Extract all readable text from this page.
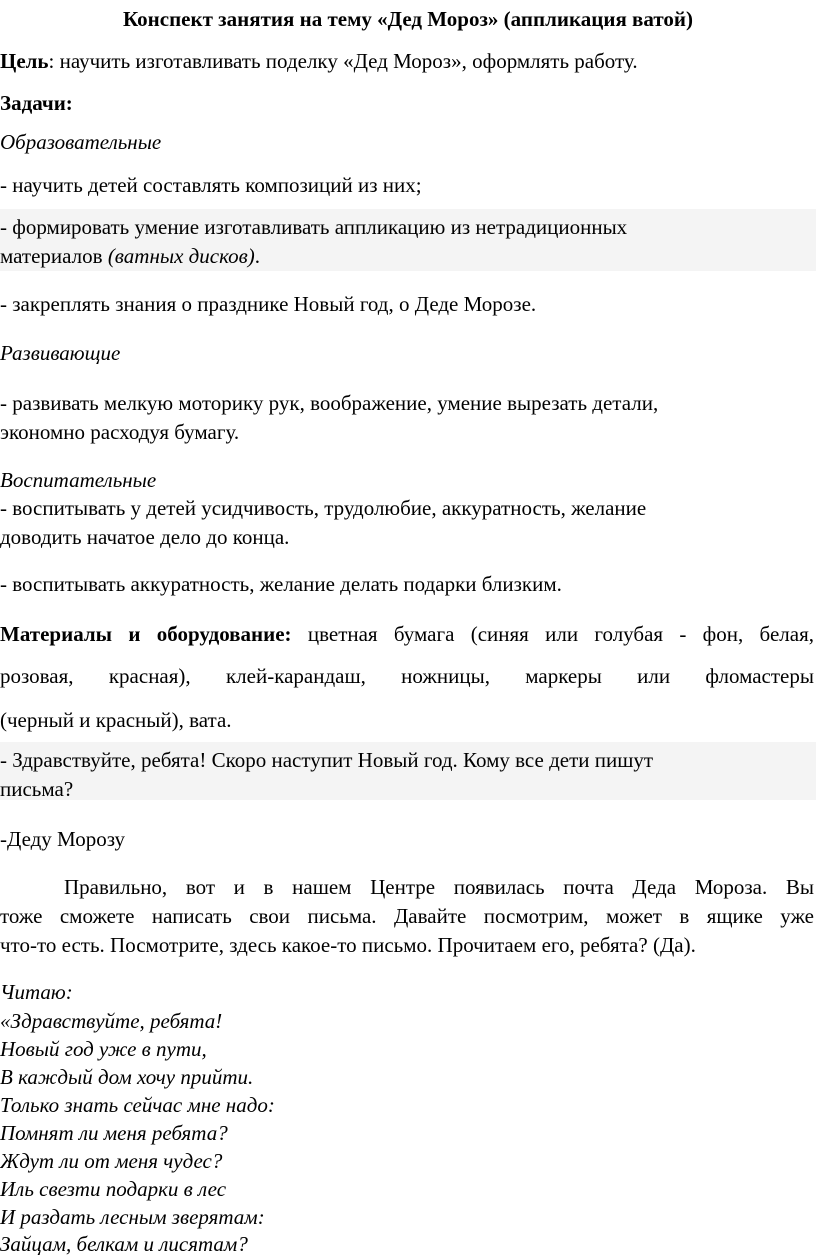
Конспект занятия на тему «Дед Мороз» (аппликация ватой)
Цель: научить изготавливать поделку «Дед Мороз», оформлять работу.
Задачи:
Образовательные
- научить детей составлять композиций из них;
- формировать умение изготавливать аппликацию из нетрадиционных
материалов (ватных дисков).
- закреплять знания о празднике Новый год, о Деде Морозе.
Развивающие
- развивать мелкую моторику рук, воображение, умение вырезать детали,
экономно расходуя бумагу.
Воспитательные
- воспитывать у детей усидчивость, трудолюбие, аккуратность, желание
доводить начатое дело до конца.
- воспитывать аккуратность, желание делать подарки близким.
Материалы и оборудование: цветная бумага (синяя или голубая - фон, белая,
розовая, красная), клей-карандаш, ножницы, маркеры или фломастеры
(черный и красный), вата.
- Здравствуйте, ребята! Скоро наступит Новый год. Кому все дети пишут
письма?
-Деду Морозу
Правильно, вот и в нашем Центре появилась почта Деда Мороза. Вы
тоже сможете написать свои письма. Давайте посмотрим, может в ящике уже
что-то есть. Посмотрите, здесь какое-то письмо. Прочитаем его, ребята? (Да).
Читаю:
«Здравствуйте, ребята!
Новый год уже в пути,
В каждый дом хочу прийти.
Только знать сейчас мне надо:
Помнят ли меня ребята?
Ждут ли от меня чудес?
Иль свезти подарки в лес
И раздать лесным зверятам:
Зайцам, белкам и лисятам?
